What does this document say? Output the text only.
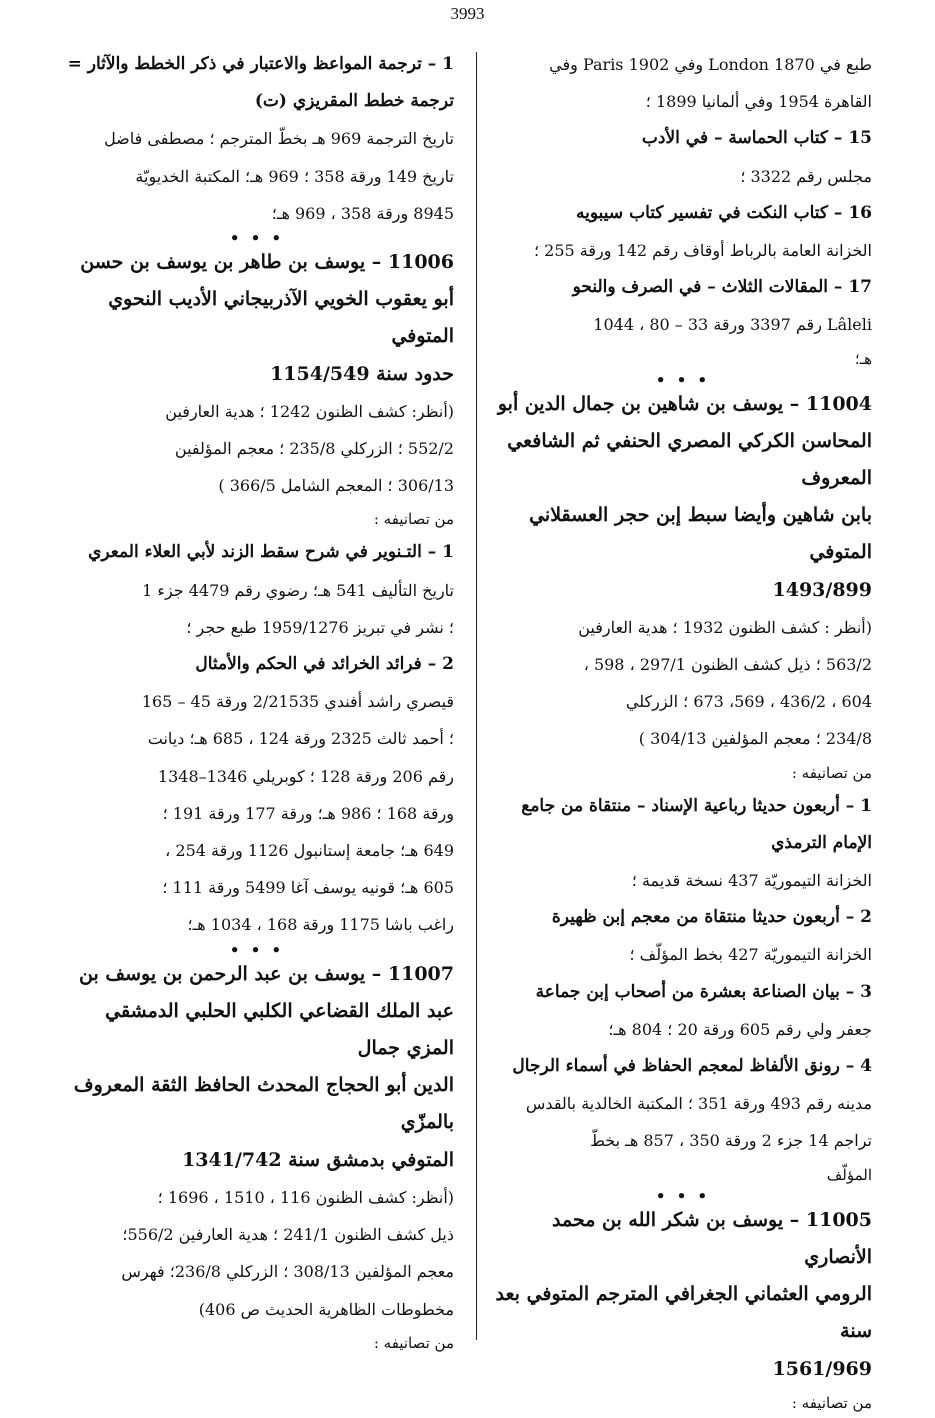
3993

طبع في London 1870 وفي Paris 1902 وفي

القاهرة 1954 وفي ألمانيا 1899 ؛

15 – كتاب الحماسة – في الأدب

مجلس رقم 3322 ؛

16 – كتاب النكت في تفسير كتاب سيبويه

الخزانة العامة بالرباط أوقاف رقم 142 ورقة 255 ؛

17 – المقالات الثلاث – في الصرف والنحو

Lâleli رقم 3397 ورقة 33 – 80 ، 1044

هـ؛

• • •

11004 – يوسف بن شاهين بن جمال الدين أبو

المحاسن الكركي المصري الحنفي ثم الشافعي المعروف

بابن شاهين وأيضا سبط إبن حجر العسقلاني المتوفي

1493/899

(أنظر : كشف الظنون 1932 ؛ هدية العارفين

563/2 ؛ ذيل كشف الظنون 297/1 ، 598 ،

604 ، 436/2 ، 569، 673 ؛ الزركلي

234/8 ؛ معجم المؤلفين 304/13 )

من تصانيفه :

1 – أربعون حديثا رباعية الإسناد – منتقاة من جامع

الإمام الترمذي

الخزانة التيموريّة 437 نسخة قديمة ؛

2 – أربعون حديثا منتقاة من معجم إبن ظهيرة

الخزانة التيموريّة 427 بخط المؤلّف ؛

3 – بيان الصناعة بعشرة من أصحاب إبن جماعة

جعفر ولي رقم 605 ورقة 20 ؛ 804 هـ؛

4 – رونق الألفاظ لمعجم الحفاظ في أسماء الرجال

مدينه رقم 493 ورقة 351 ؛ المكتبة الخالدية بالقدس

تراجم 14 جزء 2 ورقة 350 ، 857 هـ بخطّ

المؤلّف

• • •

11005 – يوسف بن شكر الله بن محمد الأنصاري

الرومي العثماني الجغرافي المترجم المتوفي بعد سنة

1561/969

من تصانيفه :

1 – ترجمة المواعظ والاعتبار في ذكر الخطط والآثار =

ترجمة خطط المقريزي (ت)

تاريخ الترجمة 969 هـ بخطّ المترجم ؛ مصطفى فاضل

تاريخ 149 ورقة 358 ؛ 969 هـ؛ المكتبة الخديويّة

8945 ورقة 358 ، 969 هـ؛

• • •

11006 – يوسف بن طاهر بن يوسف بن حسن

أبو يعقوب الخويي الآذربيجاني الأديب النحوي المتوفي

حدود سنة 1154/549

(أنظر: كشف الظنون 1242 ؛ هدية العارفين

552/2 ؛ الزركلي 235/8 ؛ معجم المؤلفين

306/13 ؛ المعجم الشامل 366/5 )

من تصانيفه :

1 – التـنوير في شرح سقط الزند لأبي العلاء المعري

تاريخ التأليف 541 هـ؛ رضوي رقم 4479 جزء 1

؛ نشر في تبريز 1959/1276 طبع حجر ؛

2 – فرائد الخرائد في الحكم والأمثال

قيصري راشد أفندي 2/21535 ورقة 45 – 165

؛ أحمد ثالث 2325 ورقة 124 ، 685 هـ؛ ديانت

رقم 206 ورقة 128 ؛ كوبريلي 1346–1348

ورقة 168 ؛ 986 هـ؛ ورقة 177 ورقة 191 ؛

649 هـ؛ جامعة إستانبول 1126 ورقة 254 ،

605 هـ؛ قونيه يوسف آغا 5499 ورقة 111 ؛

راغب باشا 1175 ورقة 168 ، 1034 هـ؛

• • •

11007 – يوسف بن عبد الرحمن بن يوسف بن

عبد الملك القضاعي الكلبي الحلبي الدمشقي المزي جمال

الدين أبو الحجاج المحدث الحافظ الثقة المعروف بالمزّي

المتوفي بدمشق سنة 1341/742

(أنظر: كشف الظنون 116 ، 1510 ، 1696 ؛

ذيل كشف الظنون 241/1 ؛ هدية العارفين 556/2؛

معجم المؤلفين 308/13 ؛ الزركلي 236/8؛ فهرس

مخطوطات الظاهرية الحديث ص 406)

من تصانيفه :
